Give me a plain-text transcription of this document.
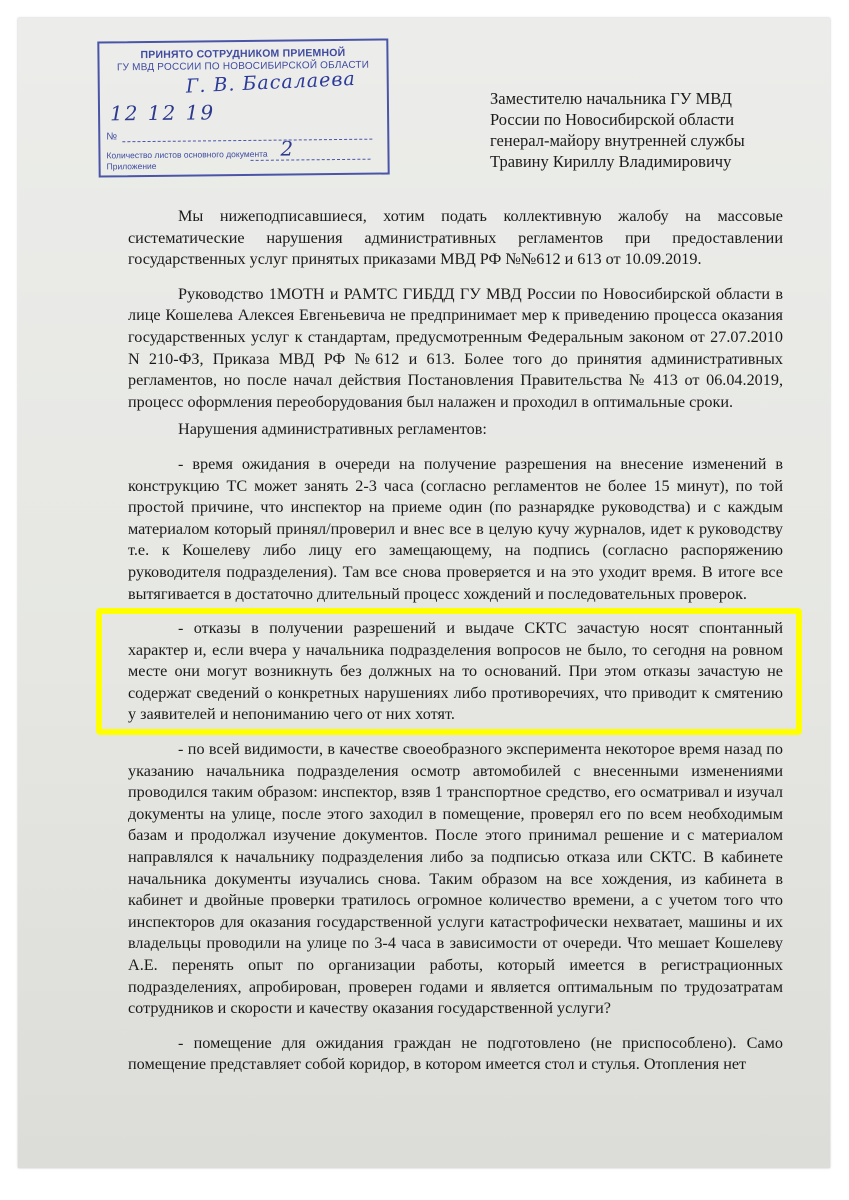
ПРИНЯТО СОТРУДНИКОМ ПРИЕМНОЙ
ГУ МВД РОССИИ ПО НОВОСИБИРСКОЙ ОБЛАСТИ
Г. В. Басалаева
12 12 19
№
Количество листов основного документа 2
Приложение
Заместителю начальника ГУ МВД
России по Новосибирской области
генерал-майору внутренней службы
Травину Кириллу Владимировичу

Мы нижеподписавшиеся, хотим подать коллективную жалобу на массовые систематические нарушения административных регламентов при предоставлении государственных услуг принятых приказами МВД РФ №№612 и 613 от 10.09.2019.

Руководство 1МОТН и РАМТС ГИБДД ГУ МВД России по Новосибирской области в лице Кошелева Алексея Евгеньевича не предпринимает мер к приведению процесса оказания государственных услуг к стандартам, предусмотренным Федеральным законом от 27.07.2010 N 210-ФЗ, Приказа МВД РФ №612 и 613. Более того до принятия административных регламентов, но после начал действия Постановления Правительства № 413 от 06.04.2019, процесс оформления переоборудования был налажен и проходил в оптимальные сроки.

Нарушения административных регламентов:

- время ожидания в очереди на получение разрешения на внесение изменений в конструкцию ТС может занять 2-3 часа (согласно регламентов не более 15 минут), по той простой причине, что инспектор на приеме один (по разнарядке руководства) и с каждым материалом который принял/проверил и внес все в целую кучу журналов, идет к руководству т.е. к Кошелеву либо лицу его замещающему, на подпись (согласно распоряжению руководителя подразделения). Там все снова проверяется и на это уходит время. В итоге все вытягивается в достаточно длительный процесс хождений и последовательных проверок.

- отказы в получении разрешений и выдаче СКТС зачастую носят спонтанный характер и, если вчера у начальника подразделения вопросов не было, то сегодня на ровном месте они могут возникнуть без должных на то оснований. При этом отказы зачастую не содержат сведений о конкретных нарушениях либо противоречиях, что приводит к смятению у заявителей и непониманию чего от них хотят.

- по всей видимости, в качестве своеобразного эксперимента некоторое время назад по указанию начальника подразделения осмотр автомобилей с внесенными изменениями проводился таким образом: инспектор, взяв 1 транспортное средство, его осматривал и изучал документы на улице, после этого заходил в помещение, проверял его по всем необходимым базам и продолжал изучение документов. После этого принимал решение и с материалом направлялся к начальнику подразделения либо за подписью отказа или СКТС. В кабинете начальника документы изучались снова. Таким образом на все хождения, из кабинета в кабинет и двойные проверки тратилось огромное количество времени, а с учетом того что инспекторов для оказания государственной услуги катастрофически нехватает, машины и их владельцы проводили на улице по 3-4 часа в зависимости от очереди. Что мешает Кошелеву А.Е. перенять опыт по организации работы, который имеется в регистрационных подразделениях, апробирован, проверен годами и является оптимальным по трудозатратам сотрудников и скорости и качеству оказания государственной услуги?

- помещение для ожидания граждан не подготовлено (не приспособлено). Само помещение представляет собой коридор, в котором имеется стол и стулья. Отопления нет
